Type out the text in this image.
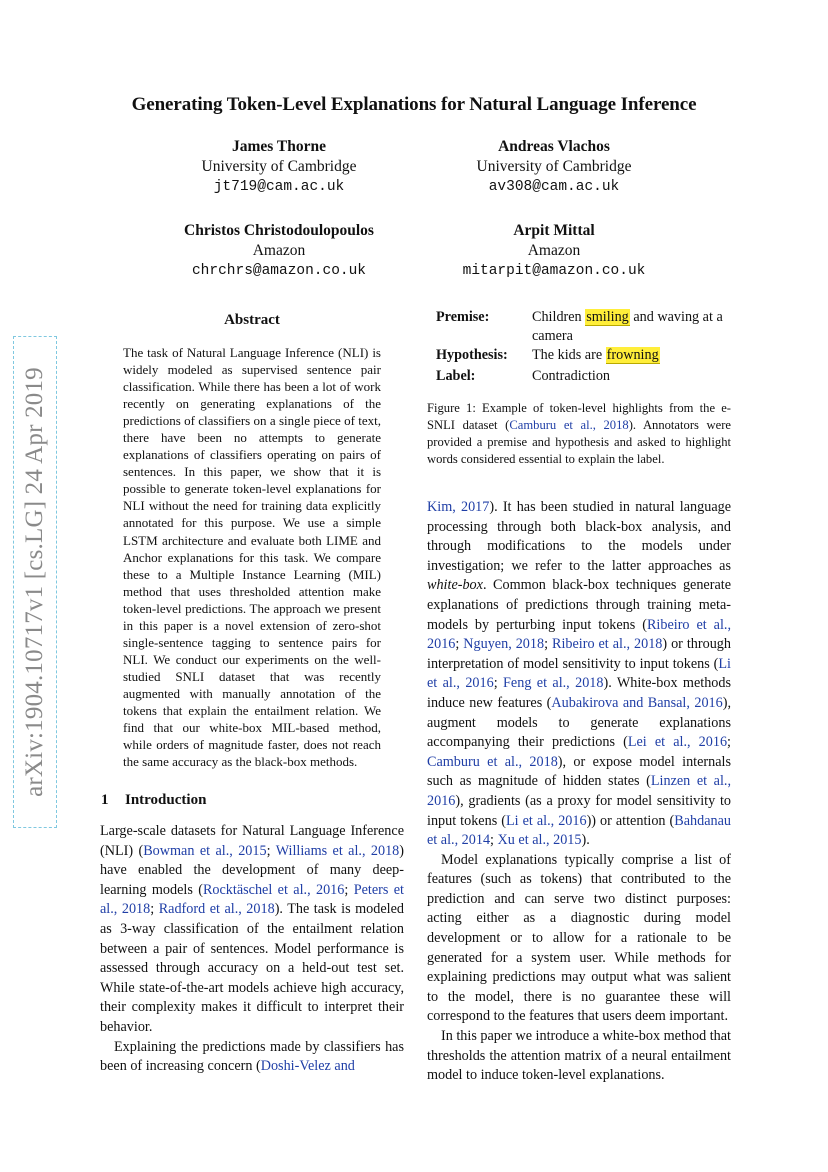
Generating Token-Level Explanations for Natural Language Inference
James Thorne
University of Cambridge
jt719@cam.ac.uk
Andreas Vlachos
University of Cambridge
av308@cam.ac.uk
Christos Christodoulopoulos
Amazon
chrchrs@amazon.co.uk
Arpit Mittal
Amazon
mitarpit@amazon.co.uk
arXiv:1904.10717v1 [cs.LG] 24 Apr 2019
Abstract

The task of Natural Language Inference (NLI) is widely modeled as supervised sentence pair classification. While there has been a lot of work recently on generating explanations of the predictions of classifiers on a single piece of text, there have been no attempts to generate explanations of classifiers operating on pairs of sentences. In this paper, we show that it is possible to generate token-level explanations for NLI without the need for training data explicitly annotated for this purpose. We use a simple LSTM architecture and evaluate both LIME and Anchor explanations for this task. We compare these to a Multiple Instance Learning (MIL) method that uses thresholded attention make token-level predictions. The approach we present in this paper is a novel extension of zero-shot single-sentence tagging to sentence pairs for NLI. We conduct our experiments on the well-studied SNLI dataset that was recently augmented with manually annotation of the tokens that explain the entailment relation. We find that our white-box MIL-based method, while orders of magnitude faster, does not reach the same accuracy as the black-box methods.

1 Introduction

Large-scale datasets for Natural Language Inference (NLI) (Bowman et al., 2015; Williams et al., 2018) have enabled the development of many deep-learning models (Rocktäschel et al., 2016; Peters et al., 2018; Radford et al., 2018). The task is modeled as 3-way classification of the entailment relation between a pair of sentences. Model performance is assessed through accuracy on a held-out test set. While state-of-the-art models achieve high accuracy, their complexity makes it difficult to interpret their behavior.

Explaining the predictions made by classifiers has been of increasing concern (Doshi-Velez and

Premise:	Children smiling and waving at a camera
Hypothesis:	The kids are frowning
Label:	Contradiction

Figure 1: Example of token-level highlights from the e-SNLI dataset (Camburu et al., 2018). Annotators were provided a premise and hypothesis and asked to highlight words considered essential to explain the label.

Kim, 2017). It has been studied in natural language processing through both black-box analysis, and through modifications to the models under investigation; we refer to the latter approaches as white-box. Common black-box techniques generate explanations of predictions through training meta-models by perturbing input tokens (Ribeiro et al., 2016; Nguyen, 2018; Ribeiro et al., 2018) or through interpretation of model sensitivity to input tokens (Li et al., 2016; Feng et al., 2018). White-box methods induce new features (Aubakirova and Bansal, 2016), augment models to generate explanations accompanying their predictions (Lei et al., 2016; Camburu et al., 2018), or expose model internals such as magnitude of hidden states (Linzen et al., 2016), gradients (as a proxy for model sensitivity to input tokens (Li et al., 2016)) or attention (Bahdanau et al., 2014; Xu et al., 2015).

Model explanations typically comprise a list of features (such as tokens) that contributed to the prediction and can serve two distinct purposes: acting either as a diagnostic during model development or to allow for a rationale to be generated for a system user. While methods for explaining predictions may output what was salient to the model, there is no guarantee these will correspond to the features that users deem important.

In this paper we introduce a white-box method that thresholds the attention matrix of a neural entailment model to induce token-level explanations.
